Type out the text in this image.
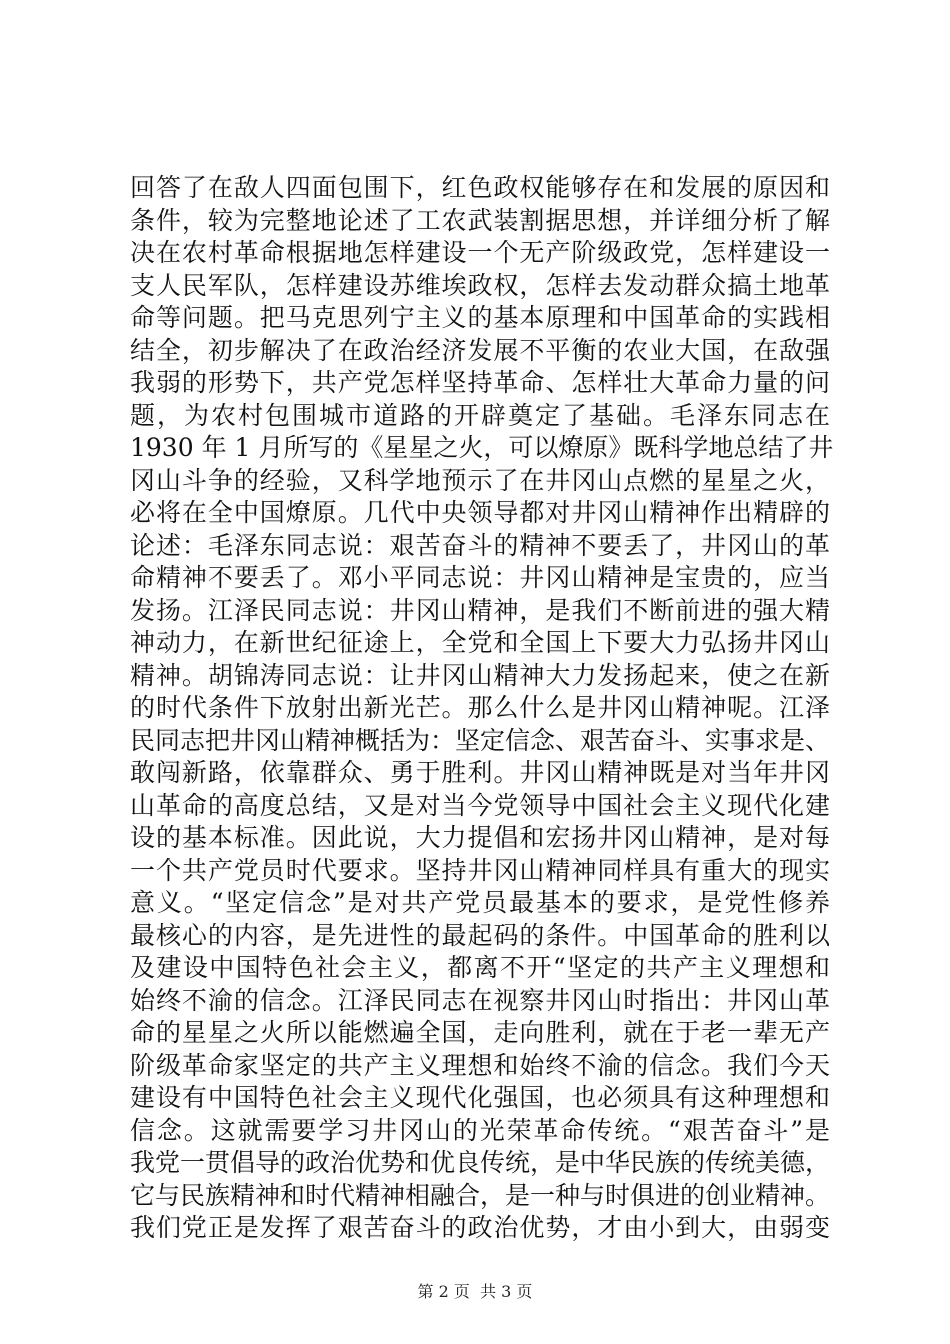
回答了在敌人四面包围下，红色政权能够存在和发展的原因和
条件，较为完整地论述了工农武装割据思想，并详细分析了解
决在农村革命根据地怎样建设一个无产阶级政党，怎样建设一
支人民军队，怎样建设苏维埃政权，怎样去发动群众搞土地革
命等问题。把马克思列宁主义的基本原理和中国革命的实践相
结全，初步解决了在政治经济发展不平衡的农业大国，在敌强
我弱的形势下，共产党怎样坚持革命、怎样壮大革命力量的问
题，为农村包围城市道路的开辟奠定了基础。毛泽东同志在
1930 年 1 月所写的《星星之火，可以燎原》既科学地总结了井
冈山斗争的经验，又科学地预示了在井冈山点燃的星星之火，
必将在全中国燎原。几代中央领导都对井冈山精神作出精辟的
论述：毛泽东同志说：艰苦奋斗的精神不要丢了，井冈山的革
命精神不要丢了。邓小平同志说：井冈山精神是宝贵的，应当
发扬。江泽民同志说：井冈山精神，是我们不断前进的强大精
神动力，在新世纪征途上，全党和全国上下要大力弘扬井冈山
精神。胡锦涛同志说：让井冈山精神大力发扬起来，使之在新
的时代条件下放射出新光芒。那么什么是井冈山精神呢。江泽
民同志把井冈山精神概括为：坚定信念、艰苦奋斗、实事求是、
敢闯新路，依靠群众、勇于胜利。井冈山精神既是对当年井冈
山革命的高度总结，又是对当今党领导中国社会主义现代化建
设的基本标准。因此说，大力提倡和宏扬井冈山精神，是对每
一个共产党员时代要求。坚持井冈山精神同样具有重大的现实
意义。“坚定信念”是对共产党员最基本的要求，是党性修养
最核心的内容，是先进性的最起码的条件。中国革命的胜利以
及建设中国特色社会主义，都离不开“坚定的共产主义理想和
始终不渝的信念。江泽民同志在视察井冈山时指出：井冈山革
命的星星之火所以能燃遍全国，走向胜利，就在于老一辈无产
阶级革命家坚定的共产主义理想和始终不渝的信念。我们今天
建设有中国特色社会主义现代化强国，也必须具有这种理想和
信念。这就需要学习井冈山的光荣革命传统。“艰苦奋斗”是
我党一贯倡导的政治优势和优良传统，是中华民族的传统美德，
它与民族精神和时代精神相融合，是一种与时俱进的创业精神。
我们党正是发挥了艰苦奋斗的政治优势，才由小到大，由弱变
第 2 页  共 3 页
